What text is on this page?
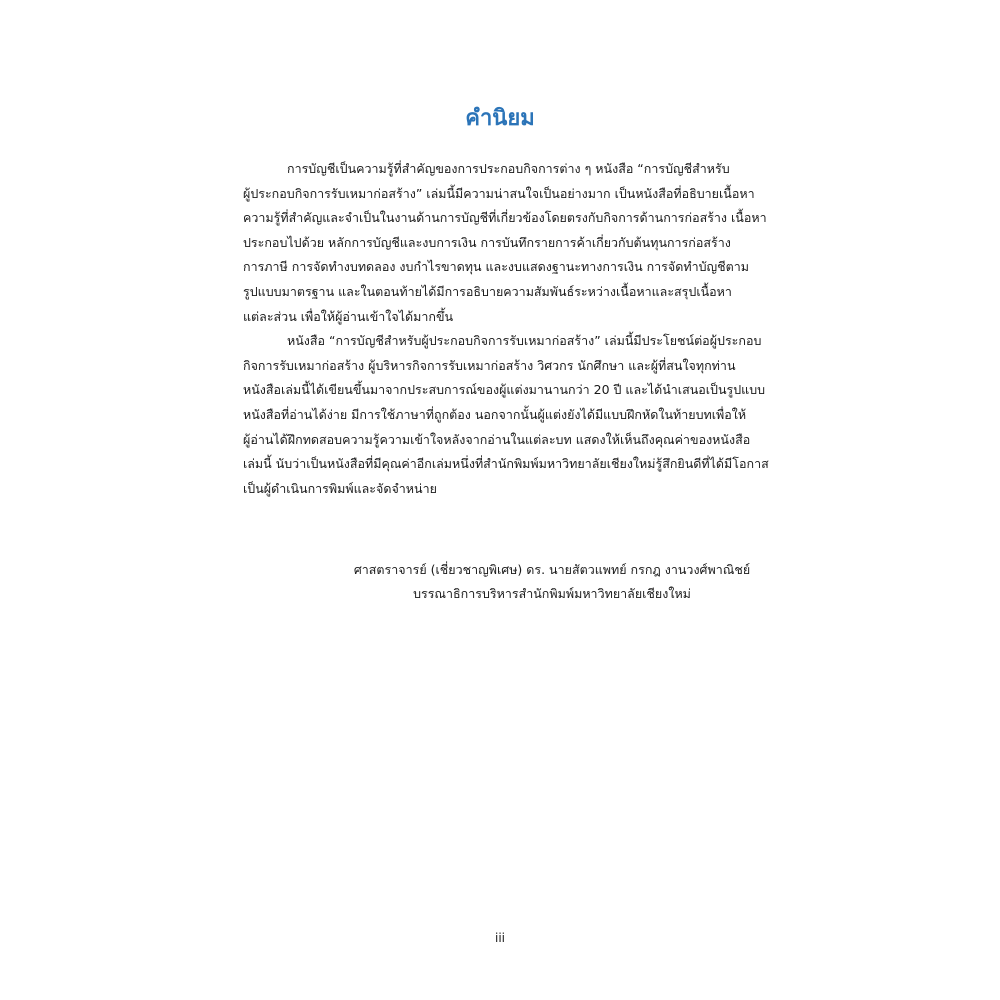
คำนิยม
การบัญชีเป็นความรู้ที่สำคัญของการประกอบกิจการต่าง ๆ หนังสือ “การบัญชีสำหรับ
ผู้ประกอบกิจการรับเหมาก่อสร้าง” เล่มนี้มีความน่าสนใจเป็นอย่างมาก เป็นหนังสือที่อธิบายเนื้อหา
ความรู้ที่สำคัญและจำเป็นในงานด้านการบัญชีที่เกี่ยวข้องโดยตรงกับกิจการด้านการก่อสร้าง เนื้อหา
ประกอบไปด้วย หลักการบัญชีและงบการเงิน การบันทึกรายการค้าเกี่ยวกับต้นทุนการก่อสร้าง
การภาษี การจัดทำงบทดลอง งบกำไรขาดทุน และงบแสดงฐานะทางการเงิน การจัดทำบัญชีตาม
รูปแบบมาตรฐาน และในตอนท้ายได้มีการอธิบายความสัมพันธ์ระหว่างเนื้อหาและสรุปเนื้อหา
แต่ละส่วน เพื่อให้ผู้อ่านเข้าใจได้มากขึ้น
หนังสือ “การบัญชีสำหรับผู้ประกอบกิจการรับเหมาก่อสร้าง” เล่มนี้มีประโยชน์ต่อผู้ประกอบ
กิจการรับเหมาก่อสร้าง ผู้บริหารกิจการรับเหมาก่อสร้าง วิศวกร นักศึกษา และผู้ที่สนใจทุกท่าน
หนังสือเล่มนี้ได้เขียนขึ้นมาจากประสบการณ์ของผู้แต่งมานานกว่า 20 ปี และได้นำเสนอเป็นรูปแบบ
หนังสือที่อ่านได้ง่าย มีการใช้ภาษาที่ถูกต้อง นอกจากนั้นผู้แต่งยังได้มีแบบฝึกหัดในท้ายบทเพื่อให้
ผู้อ่านได้ฝึกทดสอบความรู้ความเข้าใจหลังจากอ่านในแต่ละบท แสดงให้เห็นถึงคุณค่าของหนังสือ
เล่มนี้ นับว่าเป็นหนังสือที่มีคุณค่าอีกเล่มหนึ่งที่สำนักพิมพ์มหาวิทยาลัยเชียงใหม่รู้สึกยินดีที่ได้มีโอกาส
เป็นผู้ดำเนินการพิมพ์และจัดจำหน่าย
ศาสตราจารย์ (เชี่ยวชาญพิเศษ) ดร. นายสัตวแพทย์ กรกฎ งานวงศ์พาณิชย์
บรรณาธิการบริหารสำนักพิมพ์มหาวิทยาลัยเชียงใหม่
iii
